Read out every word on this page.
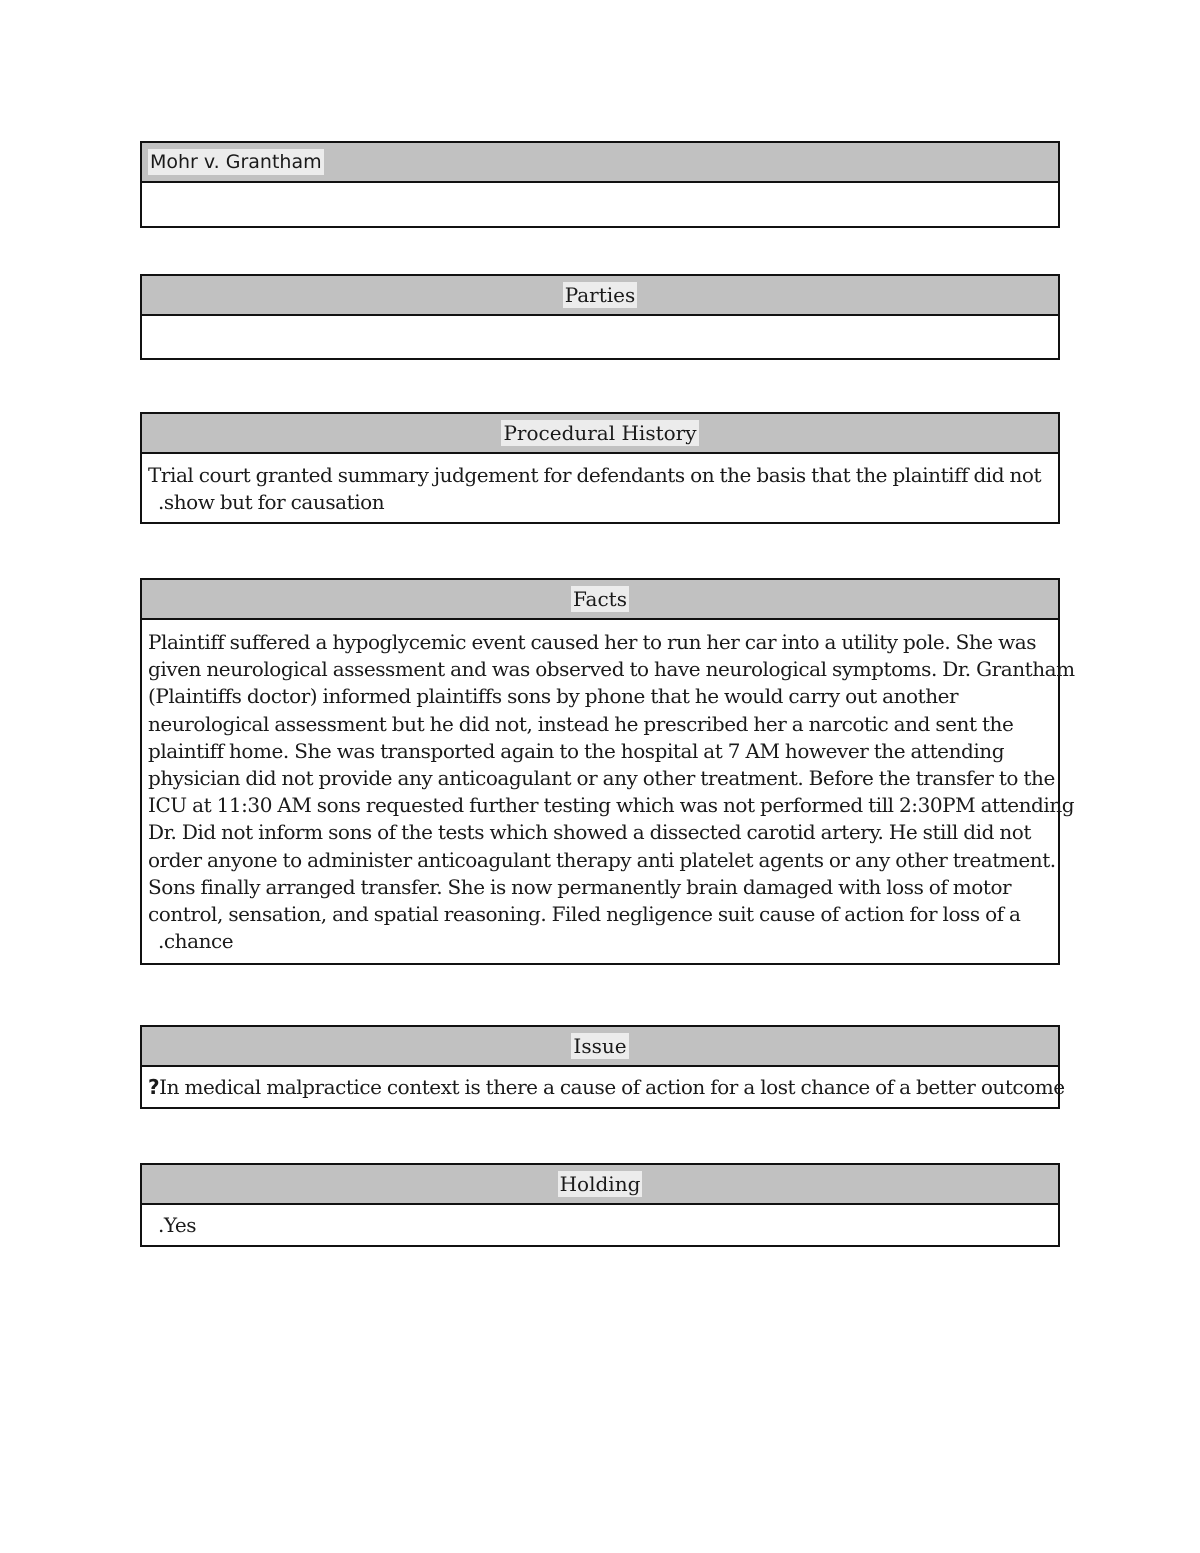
Mohr v. Grantham
Parties
Procedural History
Trial court granted summary judgement for defendants on the basis that the plaintiff did not
.show but for causation
Facts
Plaintiff suffered a hypoglycemic event caused her to run her car into a utility pole. She was
given neurological assessment and was observed to have neurological symptoms. Dr. Grantham
(Plaintiffs doctor) informed plaintiffs sons by phone that he would carry out another
neurological assessment but he did not, instead he prescribed her a narcotic and sent the
plaintiff home. She was transported again to the hospital at 7 AM however the attending
physician did not provide any anticoagulant or any other treatment. Before the transfer to the
ICU at 11:30 AM sons requested further testing which was not performed till 2:30PM attending
Dr. Did not inform sons of the tests which showed a dissected carotid artery. He still did not
order anyone to administer anticoagulant therapy anti platelet agents or any other treatment.
Sons finally arranged transfer. She is now permanently brain damaged with loss of motor
control, sensation, and spatial reasoning. Filed negligence suit cause of action for loss of a
.chance
Issue
?In medical malpractice context is there a cause of action for a lost chance of a better outcome
Holding
.Yes
